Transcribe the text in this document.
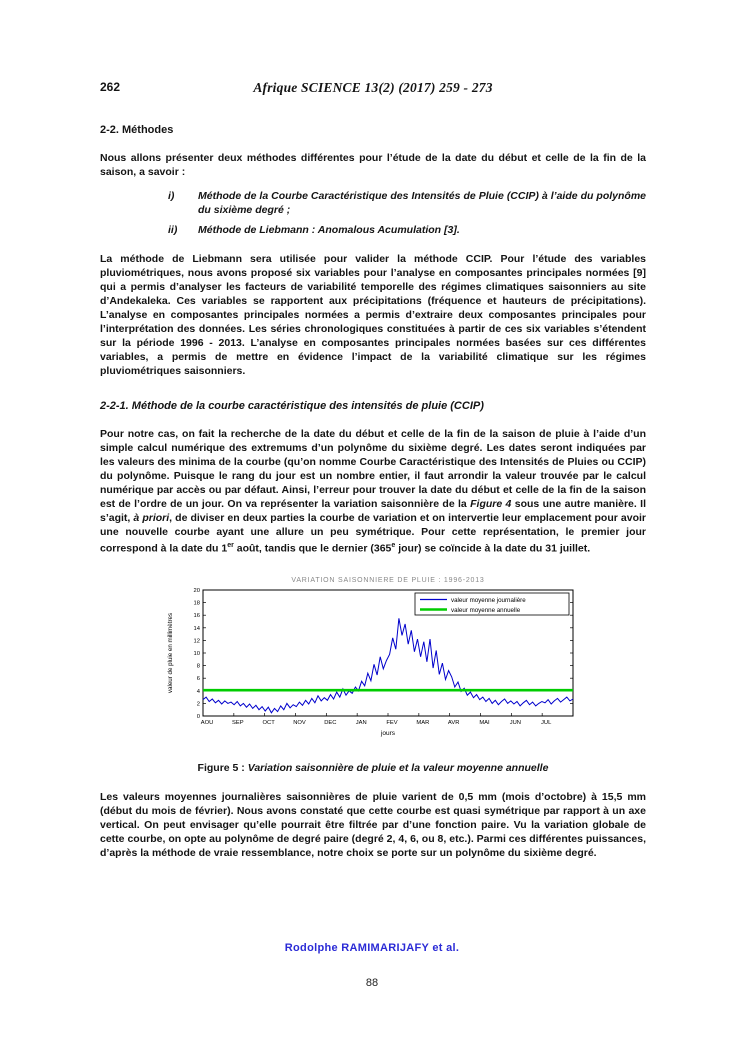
262	Afrique SCIENCE 13(2) (2017) 259 - 273
2-2. Méthodes

Nous allons présenter deux méthodes différentes pour l’étude de la date du début et celle de la fin de la saison, a savoir :

i)	Méthode de la Courbe Caractéristique des Intensités de Pluie (CCIP) à l’aide du polynôme du sixième degré ;
ii)	Méthode de Liebmann : Anomalous Acumulation [3].

La méthode de Liebmann sera utilisée pour valider la méthode CCIP. Pour l’étude des variables pluviométriques, nous avons proposé six variables pour l’analyse en composantes principales normées [9] qui a permis d’analyser les facteurs de variabilité temporelle des régimes climatiques saisonniers au site d’Andekaleka. Ces variables se rapportent aux précipitations (fréquence et hauteurs de précipitations). L’analyse en composantes principales normées a permis d’extraire deux composantes principales pour l’interprétation des données. Les séries chronologiques constituées à partir de ces six variables s’étendent sur la période 1996 - 2013. L’analyse en composantes principales normées basées sur ces différentes variables, a permis de mettre en évidence l’impact de la variabilité climatique sur les régimes pluviométriques saisonniers.

2-2-1. Méthode de la courbe caractéristique des intensités de pluie (CCIP)

Pour notre cas, on fait la recherche de la date du début et celle de la fin de la saison de pluie à l’aide d’un simple calcul numérique des extremums d’un polynôme du sixième degré. Les dates seront indiquées par les valeurs des minima de la courbe (qu’on nomme Courbe Caractéristique des Intensités de Pluies ou CCIP) du polynôme. Puisque le rang du jour est un nombre entier, il faut arrondir la valeur trouvée par le calcul numérique par accès ou par défaut. Ainsi, l’erreur pour trouver la date du début et celle de la fin de la saison est de l’ordre de un jour. On va représenter la variation saisonnière de la Figure 4 sous une autre manière. Il s’agit, à priori, de diviser en deux parties la courbe de variation et on intervertie leur emplacement pour avoir une nouvelle courbe ayant une allure un peu symétrique. Pour cette représentation, le premier jour correspond à la date du 1er août, tandis que le dernier (365e jour) se coïncide à la date du 31 juillet.

VARIATION SAISONNIERE DE PLUIE : 1996-2013
0
2
4
6
8
10
12
14
16
18
20
AOU	SEP	OCT	NOV	DEC	JAN	FEV	MAR	AVR	MAI	JUN	JUL
jours
valeur de pluie en millimètres
valeur moyenne journalière
valeur moyenne annuelle

Figure 5 : Variation saisonnière de pluie et la valeur moyenne annuelle

Les valeurs moyennes journalières saisonnières de pluie varient de 0,5 mm (mois d’octobre) à 15,5 mm (début du mois de février). Nous avons constaté que cette courbe est quasi symétrique par rapport à un axe vertical. On peut envisager qu’elle pourrait être filtrée par d’une fonction paire. Vu la variation globale de cette courbe, on opte au polynôme de degré paire (degré 2, 4, 6, ou 8, etc.). Parmi ces différentes puissances, d’après la méthode de vraie ressemblance, notre choix se porte sur un polynôme du sixième degré.

Rodolphe RAMIMARIJAFY et al.
88
